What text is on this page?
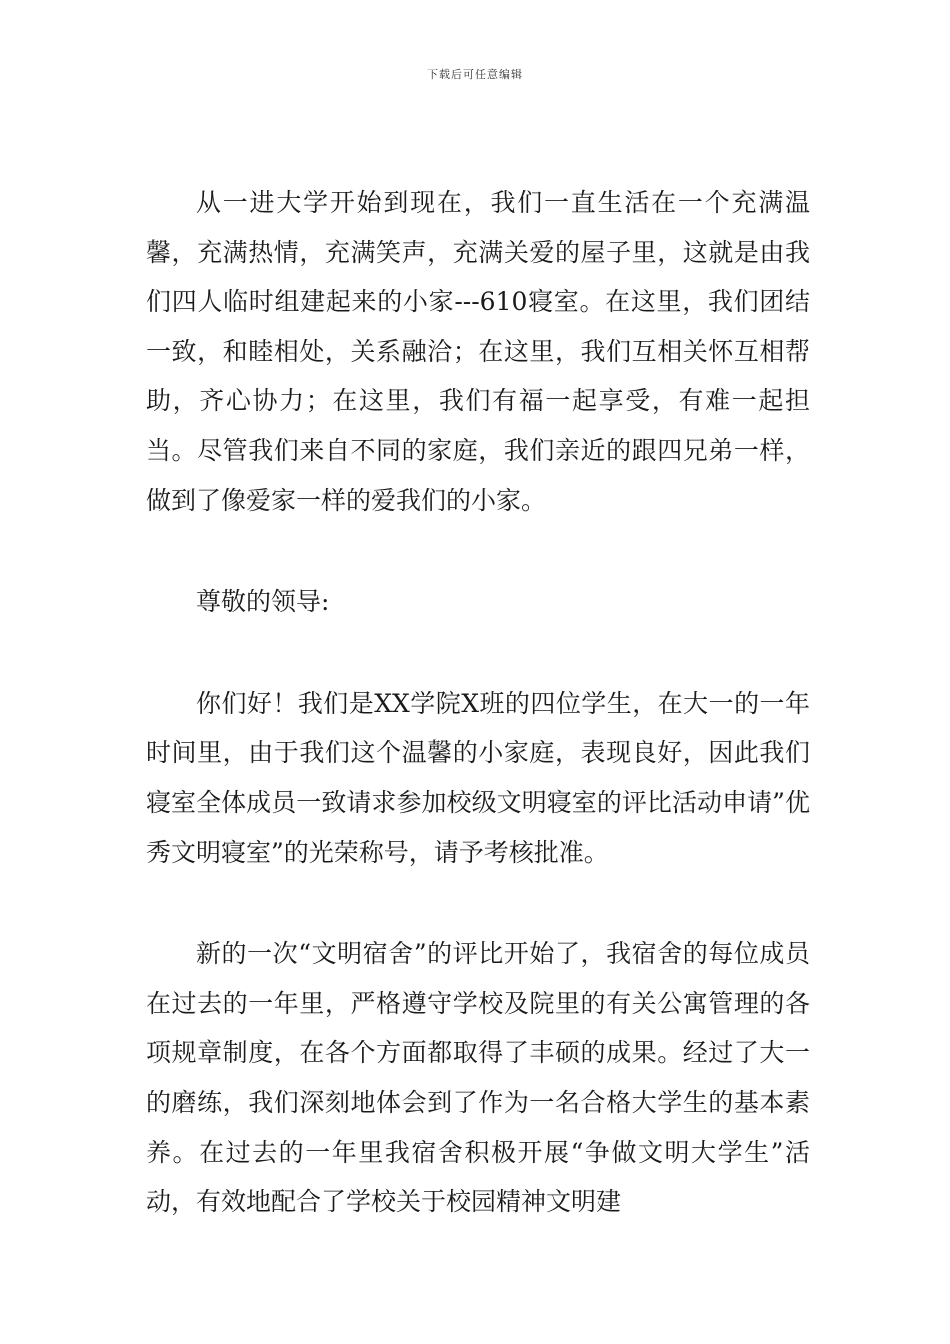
下载后可任意编辑

从一进大学开始到现在，我们一直生活在一个充满温馨，充满热情，充满笑声，充满关爱的屋子里，这就是由我们四人临时组建起来的小家---610寝室。在这里，我们团结一致，和睦相处，关系融洽；在这里，我们互相关怀互相帮助，齐心协力；在这里，我们有福一起享受，有难一起担当。尽管我们来自不同的家庭，我们亲近的跟四兄弟一样，做到了像爱家一样的爱我们的小家。

尊敬的领导:

你们好！我们是XX学院X班的四位学生，在大一的一年时间里，由于我们这个温馨的小家庭，表现良好，因此我们寝室全体成员一致请求参加校级文明寝室的评比活动申请”优秀文明寝室”的光荣称号，请予考核批准。

新的一次“文明宿舍”的评比开始了，我宿舍的每位成员在过去的一年里，严格遵守学校及院里的有关公寓管理的各项规章制度，在各个方面都取得了丰硕的成果。经过了大一的磨练，我们深刻地体会到了作为一名合格大学生的基本素养。在过去的一年里我宿舍积极开展“争做文明大学生”活动，有效地配合了学校关于校园精神文明建
